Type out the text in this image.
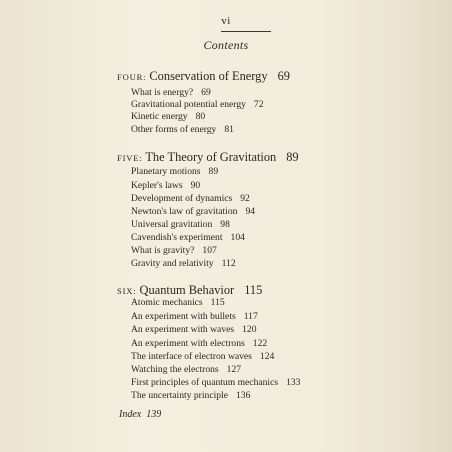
vi
Contents
FOUR: Conservation of Energy 69
What is energy? 69
Gravitational potential energy 72
Kinetic energy 80
Other forms of energy 81
FIVE: The Theory of Gravitation 89
Planetary motions 89
Kepler's laws 90
Development of dynamics 92
Newton's law of gravitation 94
Universal gravitation 98
Cavendish's experiment 104
What is gravity? 107
Gravity and relativity 112
SIX: Quantum Behavior 115
Atomic mechanics 115
An experiment with bullets 117
An experiment with waves 120
An experiment with electrons 122
The interface of electron waves 124
Watching the electrons 127
First principles of quantum mechanics 133
The uncertainty principle 136
Index 139
